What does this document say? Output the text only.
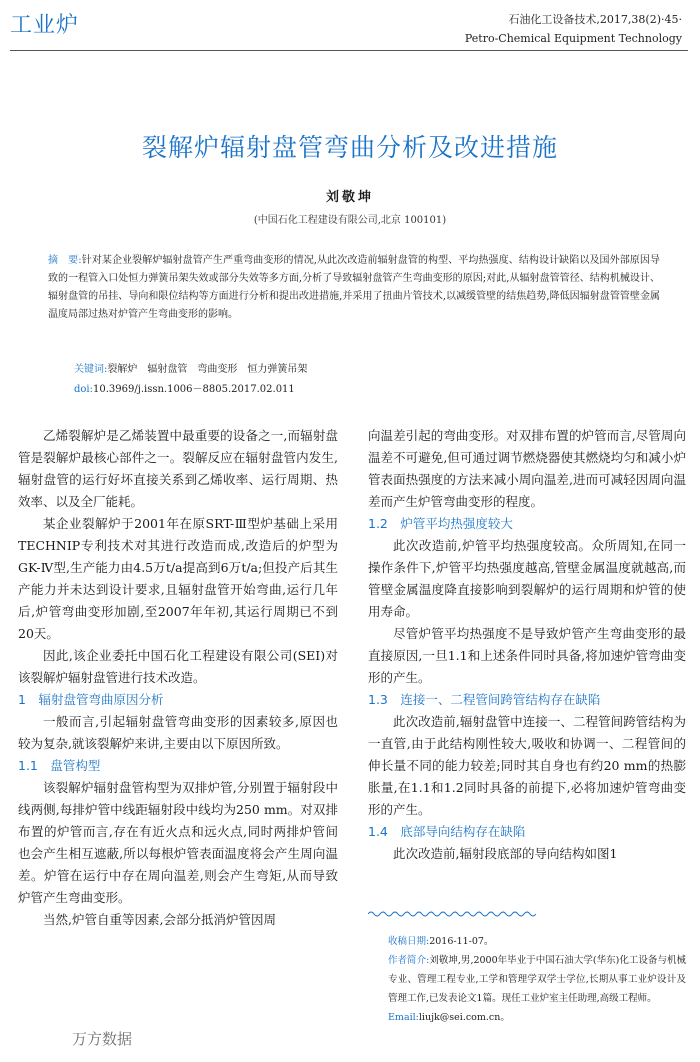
工业炉	石油化工设备技术,2017,38(2)·45·
Petro-Chemical Equipment Technology
裂解炉辐射盘管弯曲分析及改进措施
刘敬坤
(中国石化工程建设有限公司,北京 100101)
摘　要:针对某企业裂解炉辐射盘管产生严重弯曲变形的情况,从此次改造前辐射盘管的构型、平均热强度、结构设计缺陷以及国外部原因导致的一程管入口处恒力弹簧吊架失效或部分失效等多方面,分析了导致辐射盘管产生弯曲变形的原因;对此,从辐射盘管管径、结构机械设计、辐射盘管的吊挂、导向和限位结构等方面进行分析和提出改进措施,并采用了扭曲片管技术,以减缓管壁的结焦趋势,降低因辐射盘管管壁金属温度局部过热对炉管产生弯曲变形的影响。
关键词:裂解炉　辐射盘管　弯曲变形　恒力弹簧吊架
doi:10.3969/j.issn.1006－8805.2017.02.011

乙烯裂解炉是乙烯装置中最重要的设备之一,而辐射盘管是裂解炉最核心部件之一。裂解反应在辐射盘管内发生,辐射盘管的运行好坏直接关系到乙烯收率、运行周期、热效率、以及全厂能耗。

某企业裂解炉于2001年在原SRT-Ⅲ型炉基础上采用TECHNIP专利技术对其进行改造而成,改造后的炉型为GK-Ⅳ型,生产能力由4.5万t/a提高到6万t/a;但投产后其生产能力并未达到设计要求,且辐射盘管开始弯曲,运行几年后,炉管弯曲变形加剧,至2007年年初,其运行周期已不到20天。

因此,该企业委托中国石化工程建设有限公司(SEI)对该裂解炉辐射盘管进行技术改造。

1　辐射盘管弯曲原因分析

一般而言,引起辐射盘管弯曲变形的因素较多,原因也较为复杂,就该裂解炉来讲,主要由以下原因所致。

1.1　盘管构型

该裂解炉辐射盘管构型为双排炉管,分别置于辐射段中线两侧,每排炉管中线距辐射段中线均为250 mm。对双排布置的炉管而言,存在有近火点和远火点,同时两排炉管间也会产生相互遮蔽,所以每根炉管表面温度将会产生周向温差。炉管在运行中存在周向温差,则会产生弯矩,从而导致炉管产生弯曲变形。

当然,炉管自重等因素,会部分抵消炉管因周

向温差引起的弯曲变形。对双排布置的炉管而言,尽管周向温差不可避免,但可通过调节燃烧器使其燃烧均匀和减小炉管表面热强度的方法来减小周向温差,进而可减轻因周向温差而产生炉管弯曲变形的程度。

1.2　炉管平均热强度较大

此次改造前,炉管平均热强度较高。众所周知,在同一操作条件下,炉管平均热强度越高,管壁金属温度就越高,而管壁金属温度降直接影响到裂解炉的运行周期和炉管的使用寿命。

尽管炉管平均热强度不是导致炉管产生弯曲变形的最直接原因,一旦1.1和上述条件同时具备,将加速炉管弯曲变形的产生。

1.3　连接一、二程管间跨管结构存在缺陷

此次改造前,辐射盘管中连接一、二程管间跨管结构为一直管,由于此结构刚性较大,吸收和协调一、二程管间的伸长量不同的能力较差;同时其自身也有约20 mm的热膨胀量,在1.1和1.2同时具备的前提下,必将加速炉管弯曲变形的产生。

1.4　底部导向结构存在缺陷

此次改造前,辐射段底部的导向结构如图1

收稿日期:2016-11-07。
作者简介:刘敬坤,男,2000年毕业于中国石油大学(华东)化工设备与机械专业、管理工程专业,工学和管理学双学士学位,长期从事工业炉设计及管理工作,已发表论文1篇。现任工业炉室主任助理,高级工程师。
Email:liujk@sei.com.cn。
万方数据
